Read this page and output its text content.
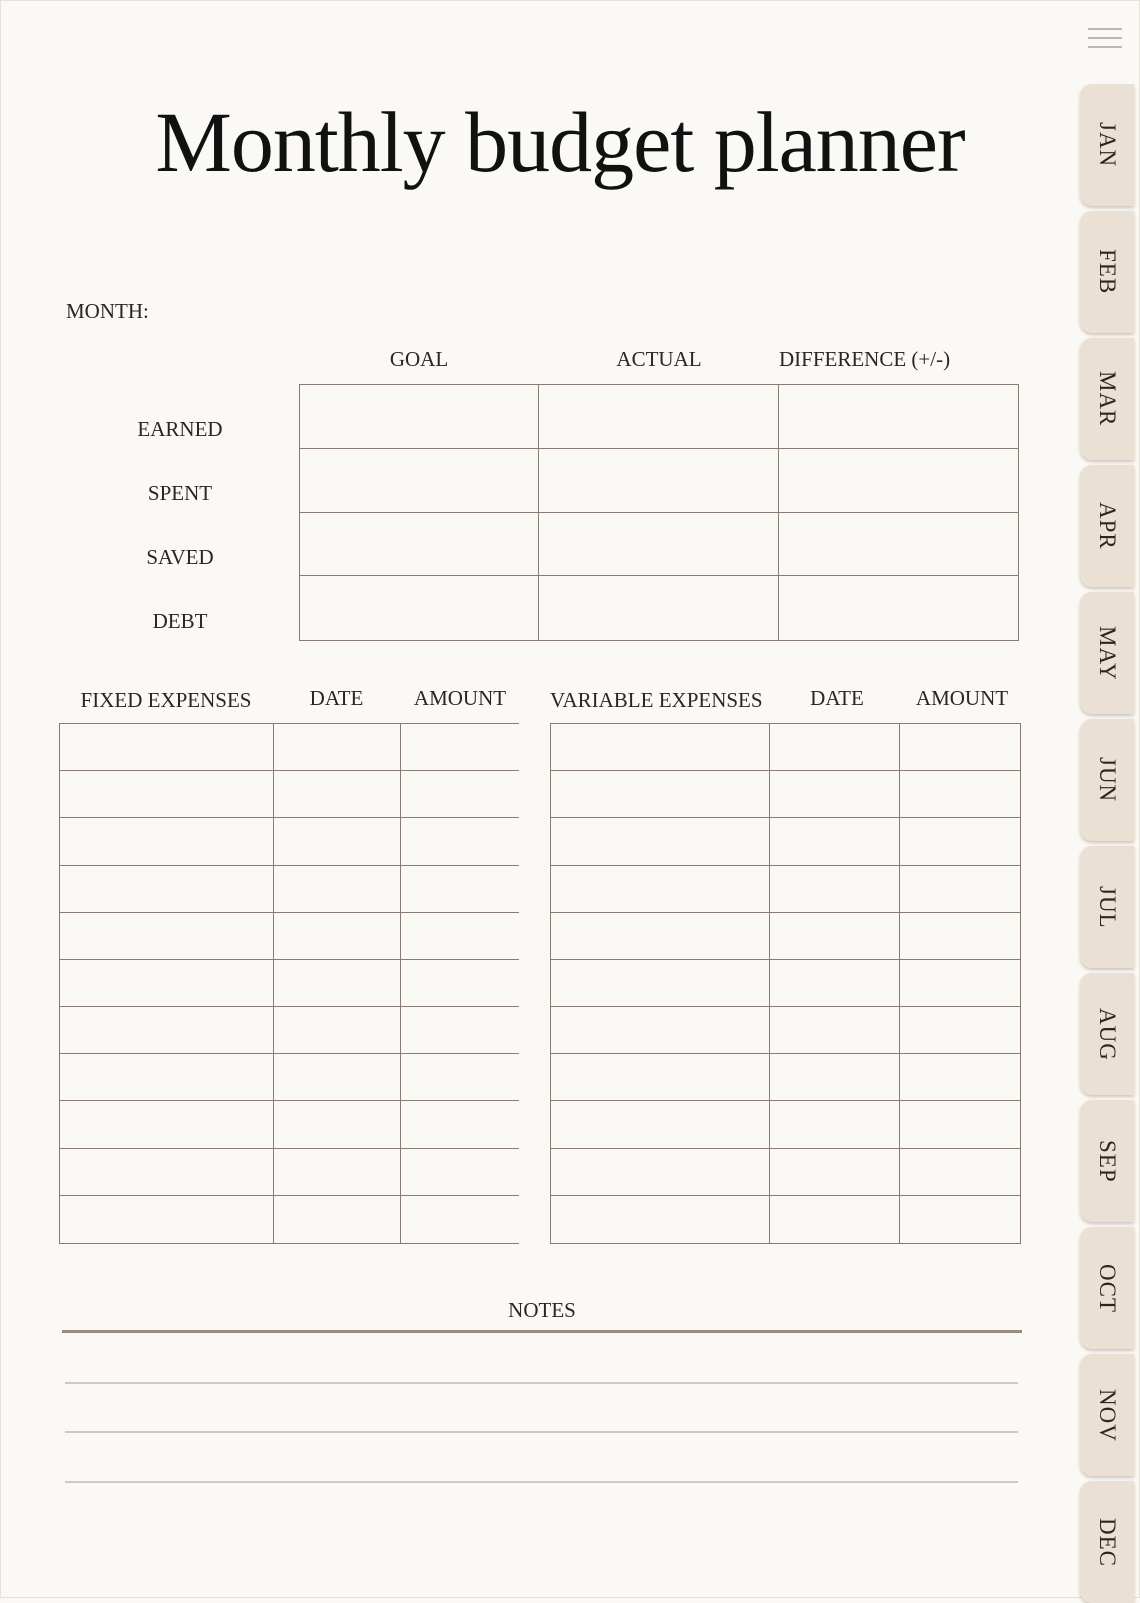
Monthly budget planner
MONTH:
GOAL	ACTUAL	DIFFERENCE (+/-)
EARNED
SPENT
SAVED
DEBT
FIXED EXPENSES	DATE	AMOUNT	VARIABLE EXPENSES	DATE	AMOUNT
NOTES
JAN
FEB
MAR
APR
MAY
JUN
JUL
AUG
SEP
OCT
NOV
DEC
